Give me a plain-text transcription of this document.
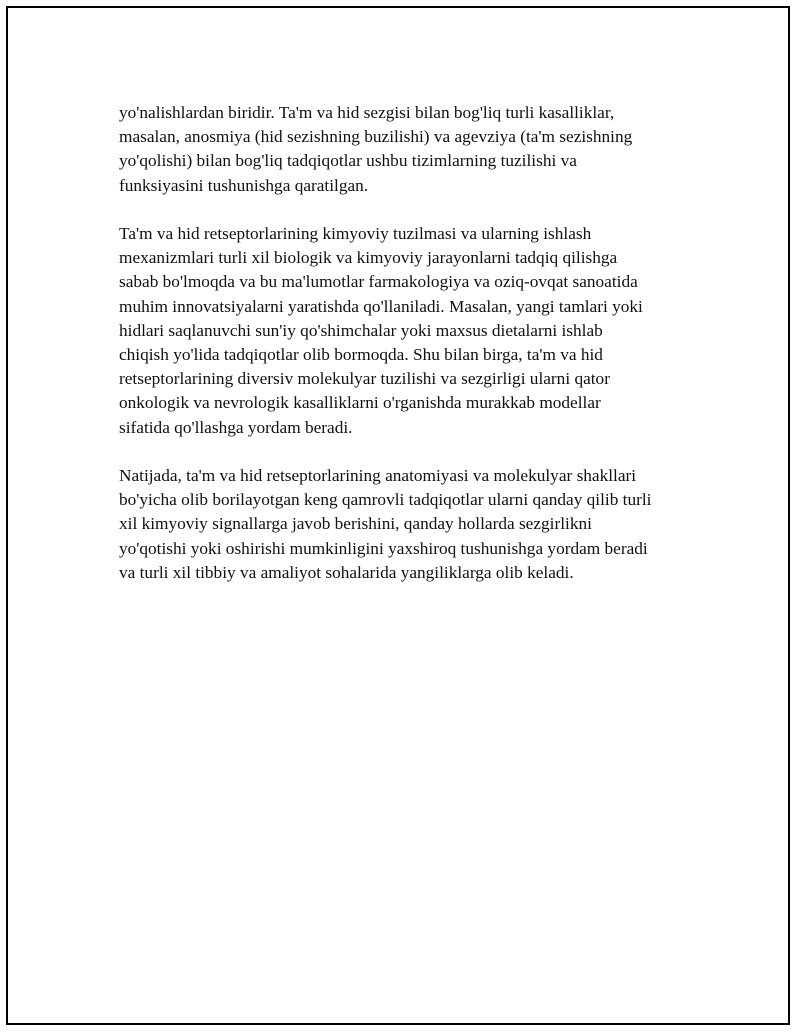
yo'nalishlardan biridir. Ta'm va hid sezgisi bilan bog'liq turli kasalliklar,
masalan, anosmiya (hid sezishning buzilishi) va agevziya (ta'm sezishning
yo'qolishi) bilan bog'liq tadqiqotlar ushbu tizimlarning tuzilishi va
funksiyasini tushunishga qaratilgan.

Ta'm va hid retseptorlarining kimyoviy tuzilmasi va ularning ishlash
mexanizmlari turli xil biologik va kimyoviy jarayonlarni tadqiq qilishga
sabab bo'lmoqda va bu ma'lumotlar farmakologiya va oziq-ovqat sanoatida
muhim innovatsiyalarni yaratishda qo'llaniladi. Masalan, yangi tamlari yoki
hidlari saqlanuvchi sun'iy qo'shimchalar yoki maxsus dietalarni ishlab
chiqish yo'lida tadqiqotlar olib bormoqda. Shu bilan birga, ta'm va hid
retseptorlarining diversiv molekulyar tuzilishi va sezgirligi ularni qator
onkologik va nevrologik kasalliklarni o'rganishda murakkab modellar
sifatida qo'llashga yordam beradi.

Natijada, ta'm va hid retseptorlarining anatomiyasi va molekulyar shakllari
bo'yicha olib borilayotgan keng qamrovli tadqiqotlar ularni qanday qilib turli
xil kimyoviy signallarga javob berishini, qanday hollarda sezgirlikni
yo'qotishi yoki oshirishi mumkinligini yaxshiroq tushunishga yordam beradi
va turli xil tibbiy va amaliyot sohalarida yangiliklarga olib keladi.
